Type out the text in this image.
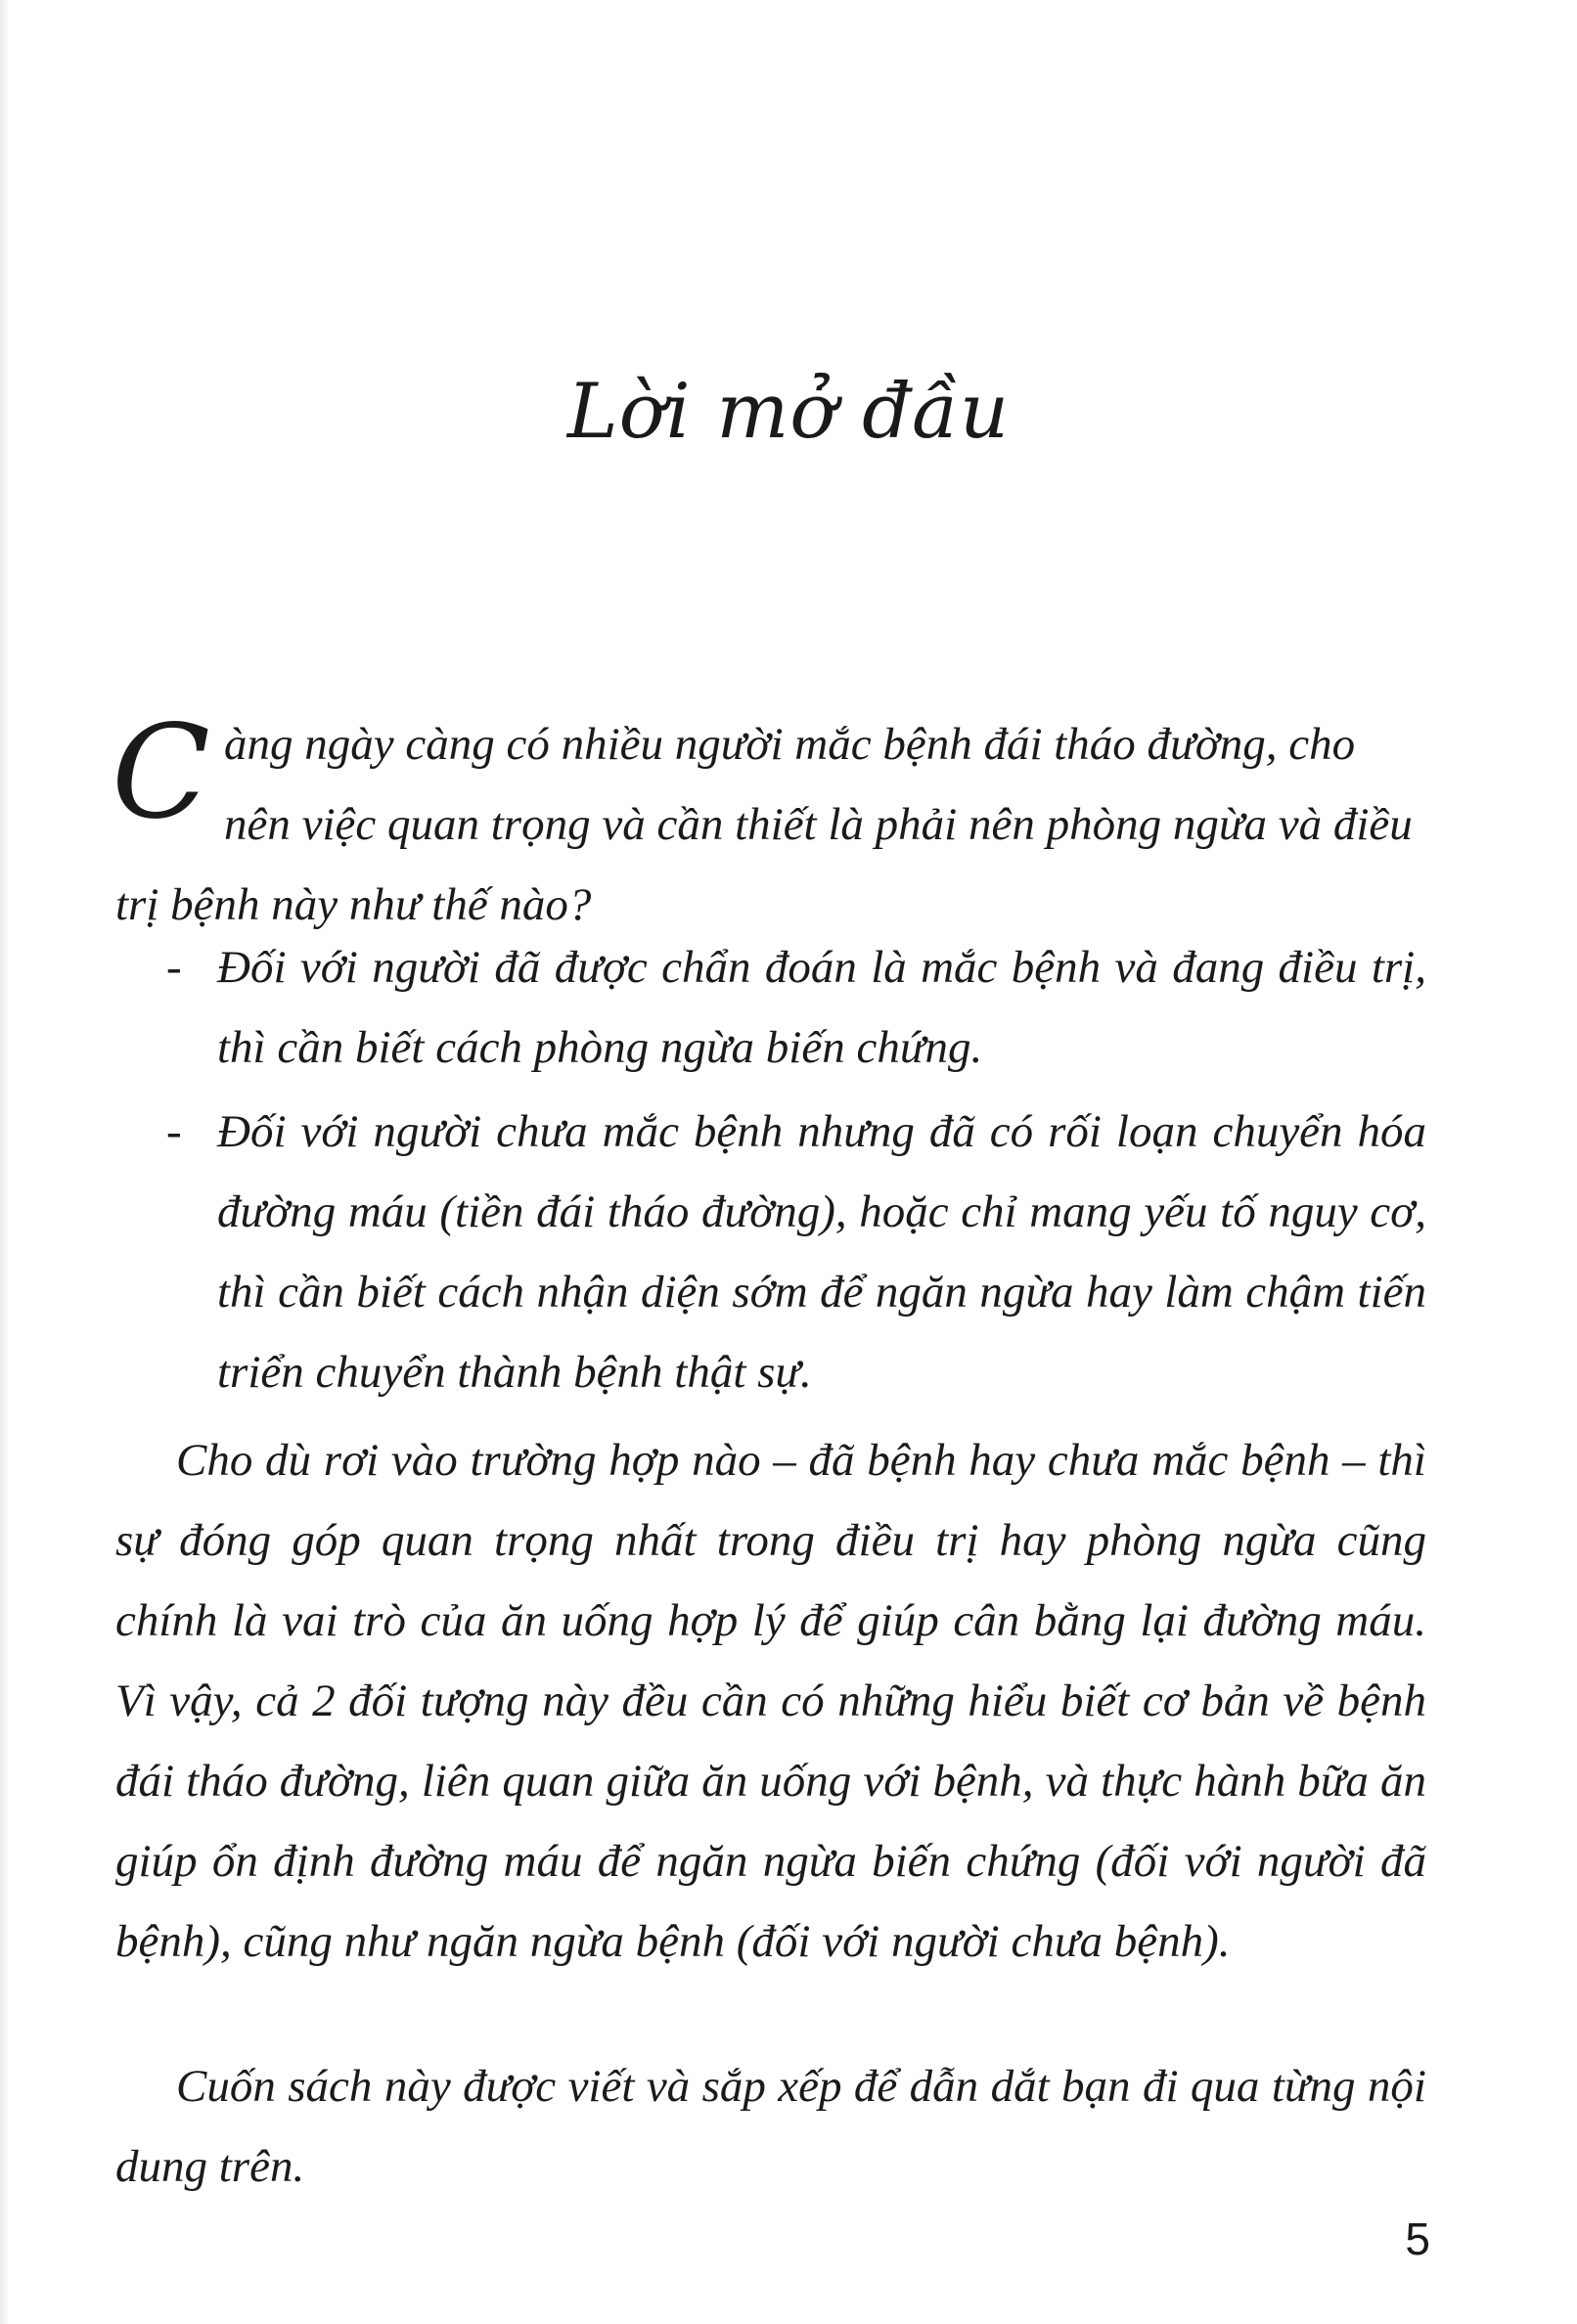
Lời mở đầu
C àng ngày càng có nhiều người mắc bệnh đái tháo đường, cho nên việc quan trọng và cần thiết là phải nên phòng ngừa và điều trị bệnh này như thế nào?
- Đối với người đã được chẩn đoán là mắc bệnh và đang điều trị, thì cần biết cách phòng ngừa biến chứng.
- Đối với người chưa mắc bệnh nhưng đã có rối loạn chuyển hóa đường máu (tiền đái tháo đường), hoặc chỉ mang yếu tố nguy cơ, thì cần biết cách nhận diện sớm để ngăn ngừa hay làm chậm tiến triển chuyển thành bệnh thật sự.
Cho dù rơi vào trường hợp nào – đã bệnh hay chưa mắc bệnh – thì sự đóng góp quan trọng nhất trong điều trị hay phòng ngừa cũng chính là vai trò của ăn uống hợp lý để giúp cân bằng lại đường máu. Vì vậy, cả 2 đối tượng này đều cần có những hiểu biết cơ bản về bệnh đái tháo đường, liên quan giữa ăn uống với bệnh, và thực hành bữa ăn giúp ổn định đường máu để ngăn ngừa biến chứng (đối với người đã bệnh), cũng như ngăn ngừa bệnh (đối với người chưa bệnh).
Cuốn sách này được viết và sắp xếp để dẫn dắt bạn đi qua từng nội dung trên.
5
